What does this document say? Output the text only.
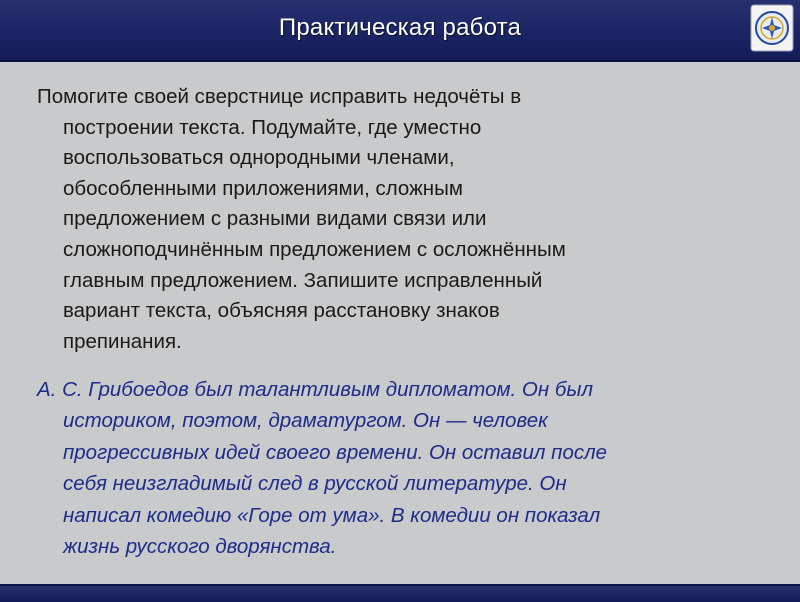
Практическая работа

Помогите своей сверстнице исправить недочёты в
построении текста. Подумайте, где уместно
воспользоваться однородными членами,
обособленными приложениями, сложным
предложением с разными видами связи или
сложноподчинённым предложением с осложнённым
главным предложением. Запишите исправленный
вариант текста, объясняя расстановку знаков
препинания.

А. С. Грибоедов был талантливым дипломатом. Он был
историком, поэтом, драматургом. Он — человек
прогрессивных идей своего времени. Он оставил после
себя неизгладимый след в русской литературе. Он
написал комедию «Горе от ума». В комедии он показал
жизнь русского дворянства.
